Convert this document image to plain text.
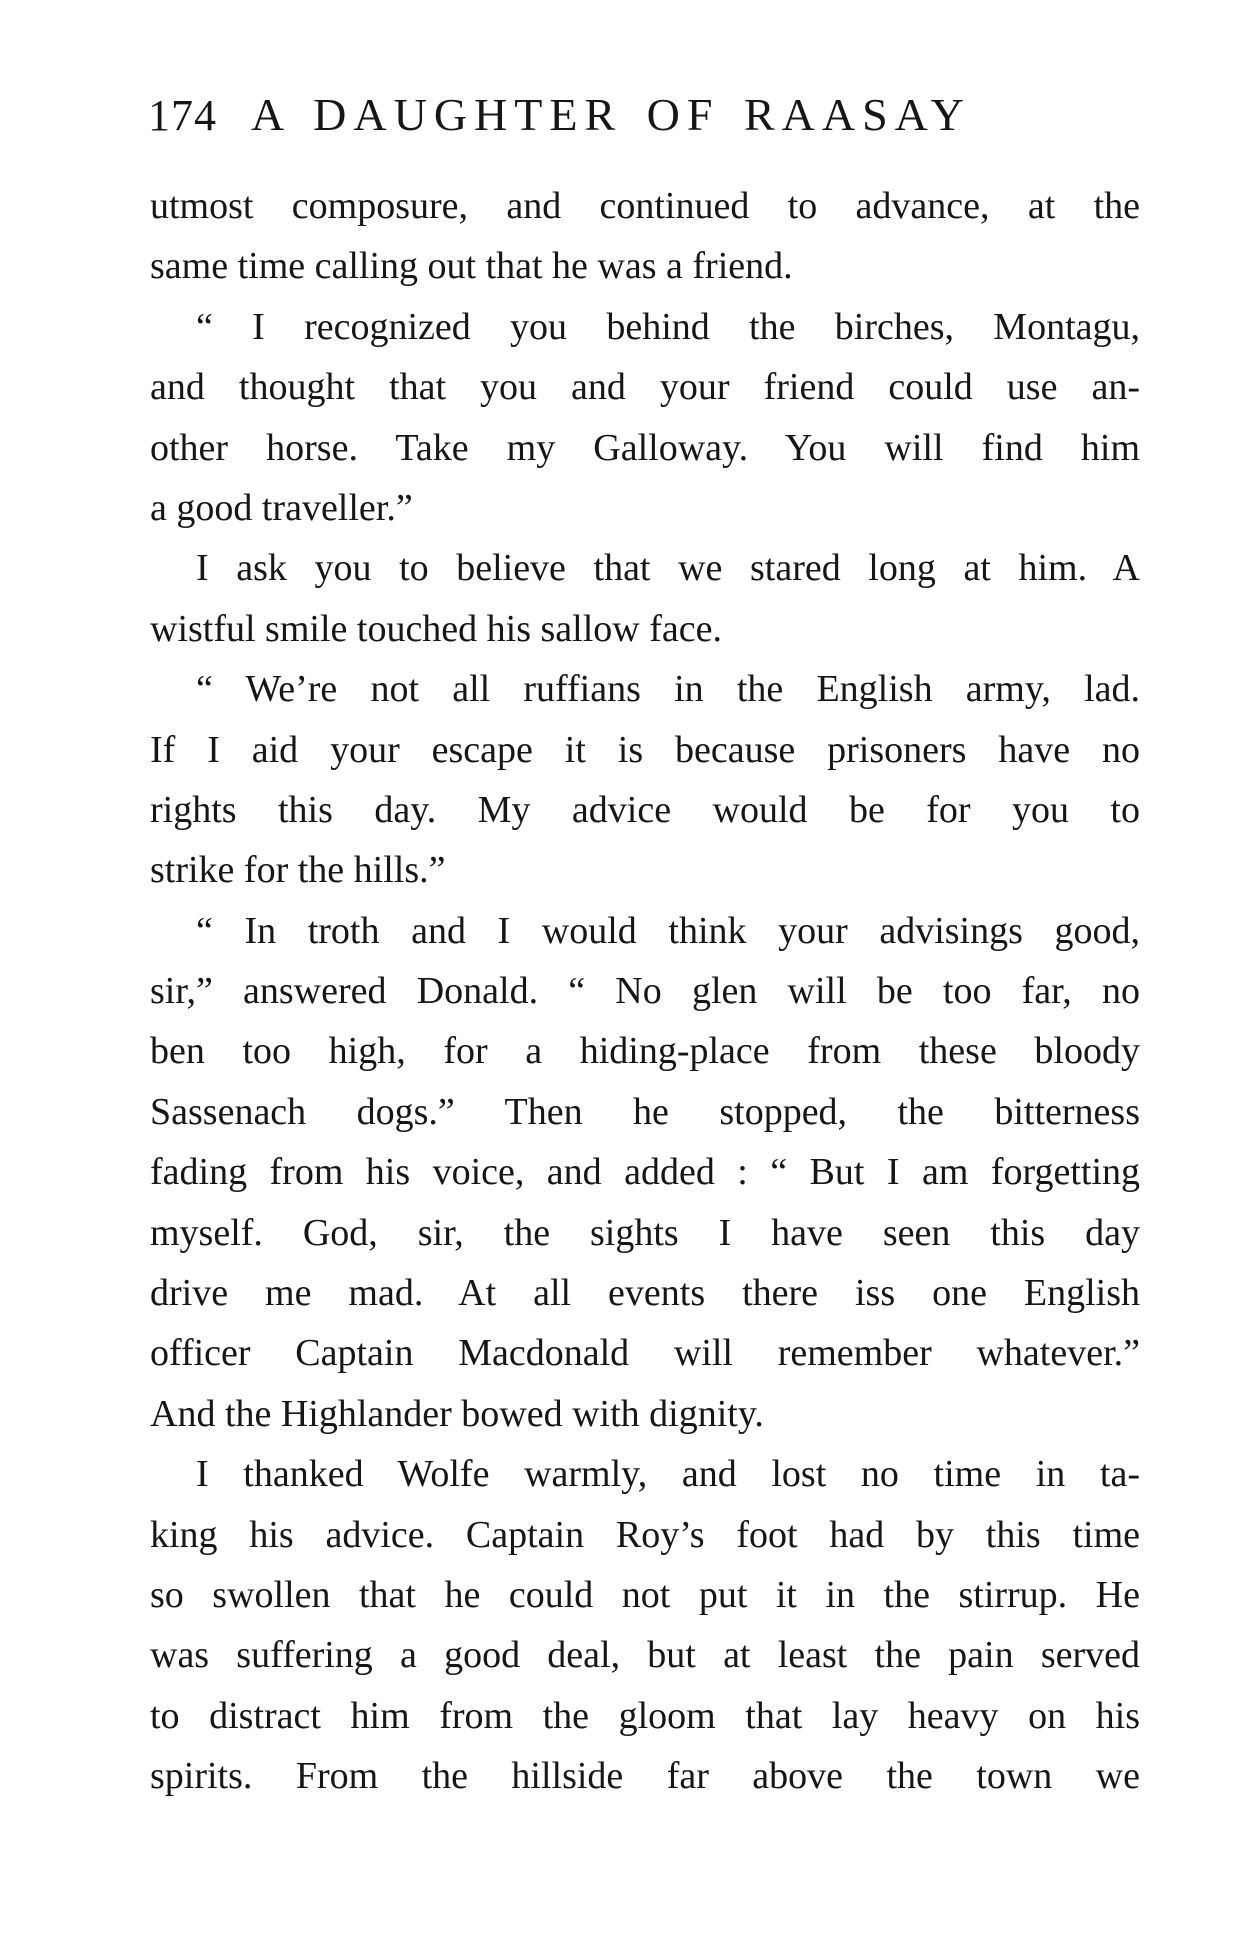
174 A DAUGHTER OF RAASAY
utmost composure, and continued to advance, at the
same time calling out that he was a friend.
“ I recognized you behind the birches, Montagu,
and thought that you and your friend could use an-
other horse. Take my Galloway. You will find him
a good traveller.”
I ask you to believe that we stared long at him. A
wistful smile touched his sallow face.
“ We’re not all ruffians in the English army, lad.
If I aid your escape it is because prisoners have no
rights this day. My advice would be for you to
strike for the hills.”
“ In troth and I would think your advisings good,
sir,” answered Donald. “ No glen will be too far, no
ben too high, for a hiding-place from these bloody
Sassenach dogs.” Then he stopped, the bitterness
fading from his voice, and added : “ But I am forgetting
myself. God, sir, the sights I have seen this day
drive me mad. At all events there iss one English
officer Captain Macdonald will remember whatever.”
And the Highlander bowed with dignity.
I thanked Wolfe warmly, and lost no time in ta-
king his advice. Captain Roy’s foot had by this time
so swollen that he could not put it in the stirrup. He
was suffering a good deal, but at least the pain served
to distract him from the gloom that lay heavy on his
spirits. From the hillside far above the town we
